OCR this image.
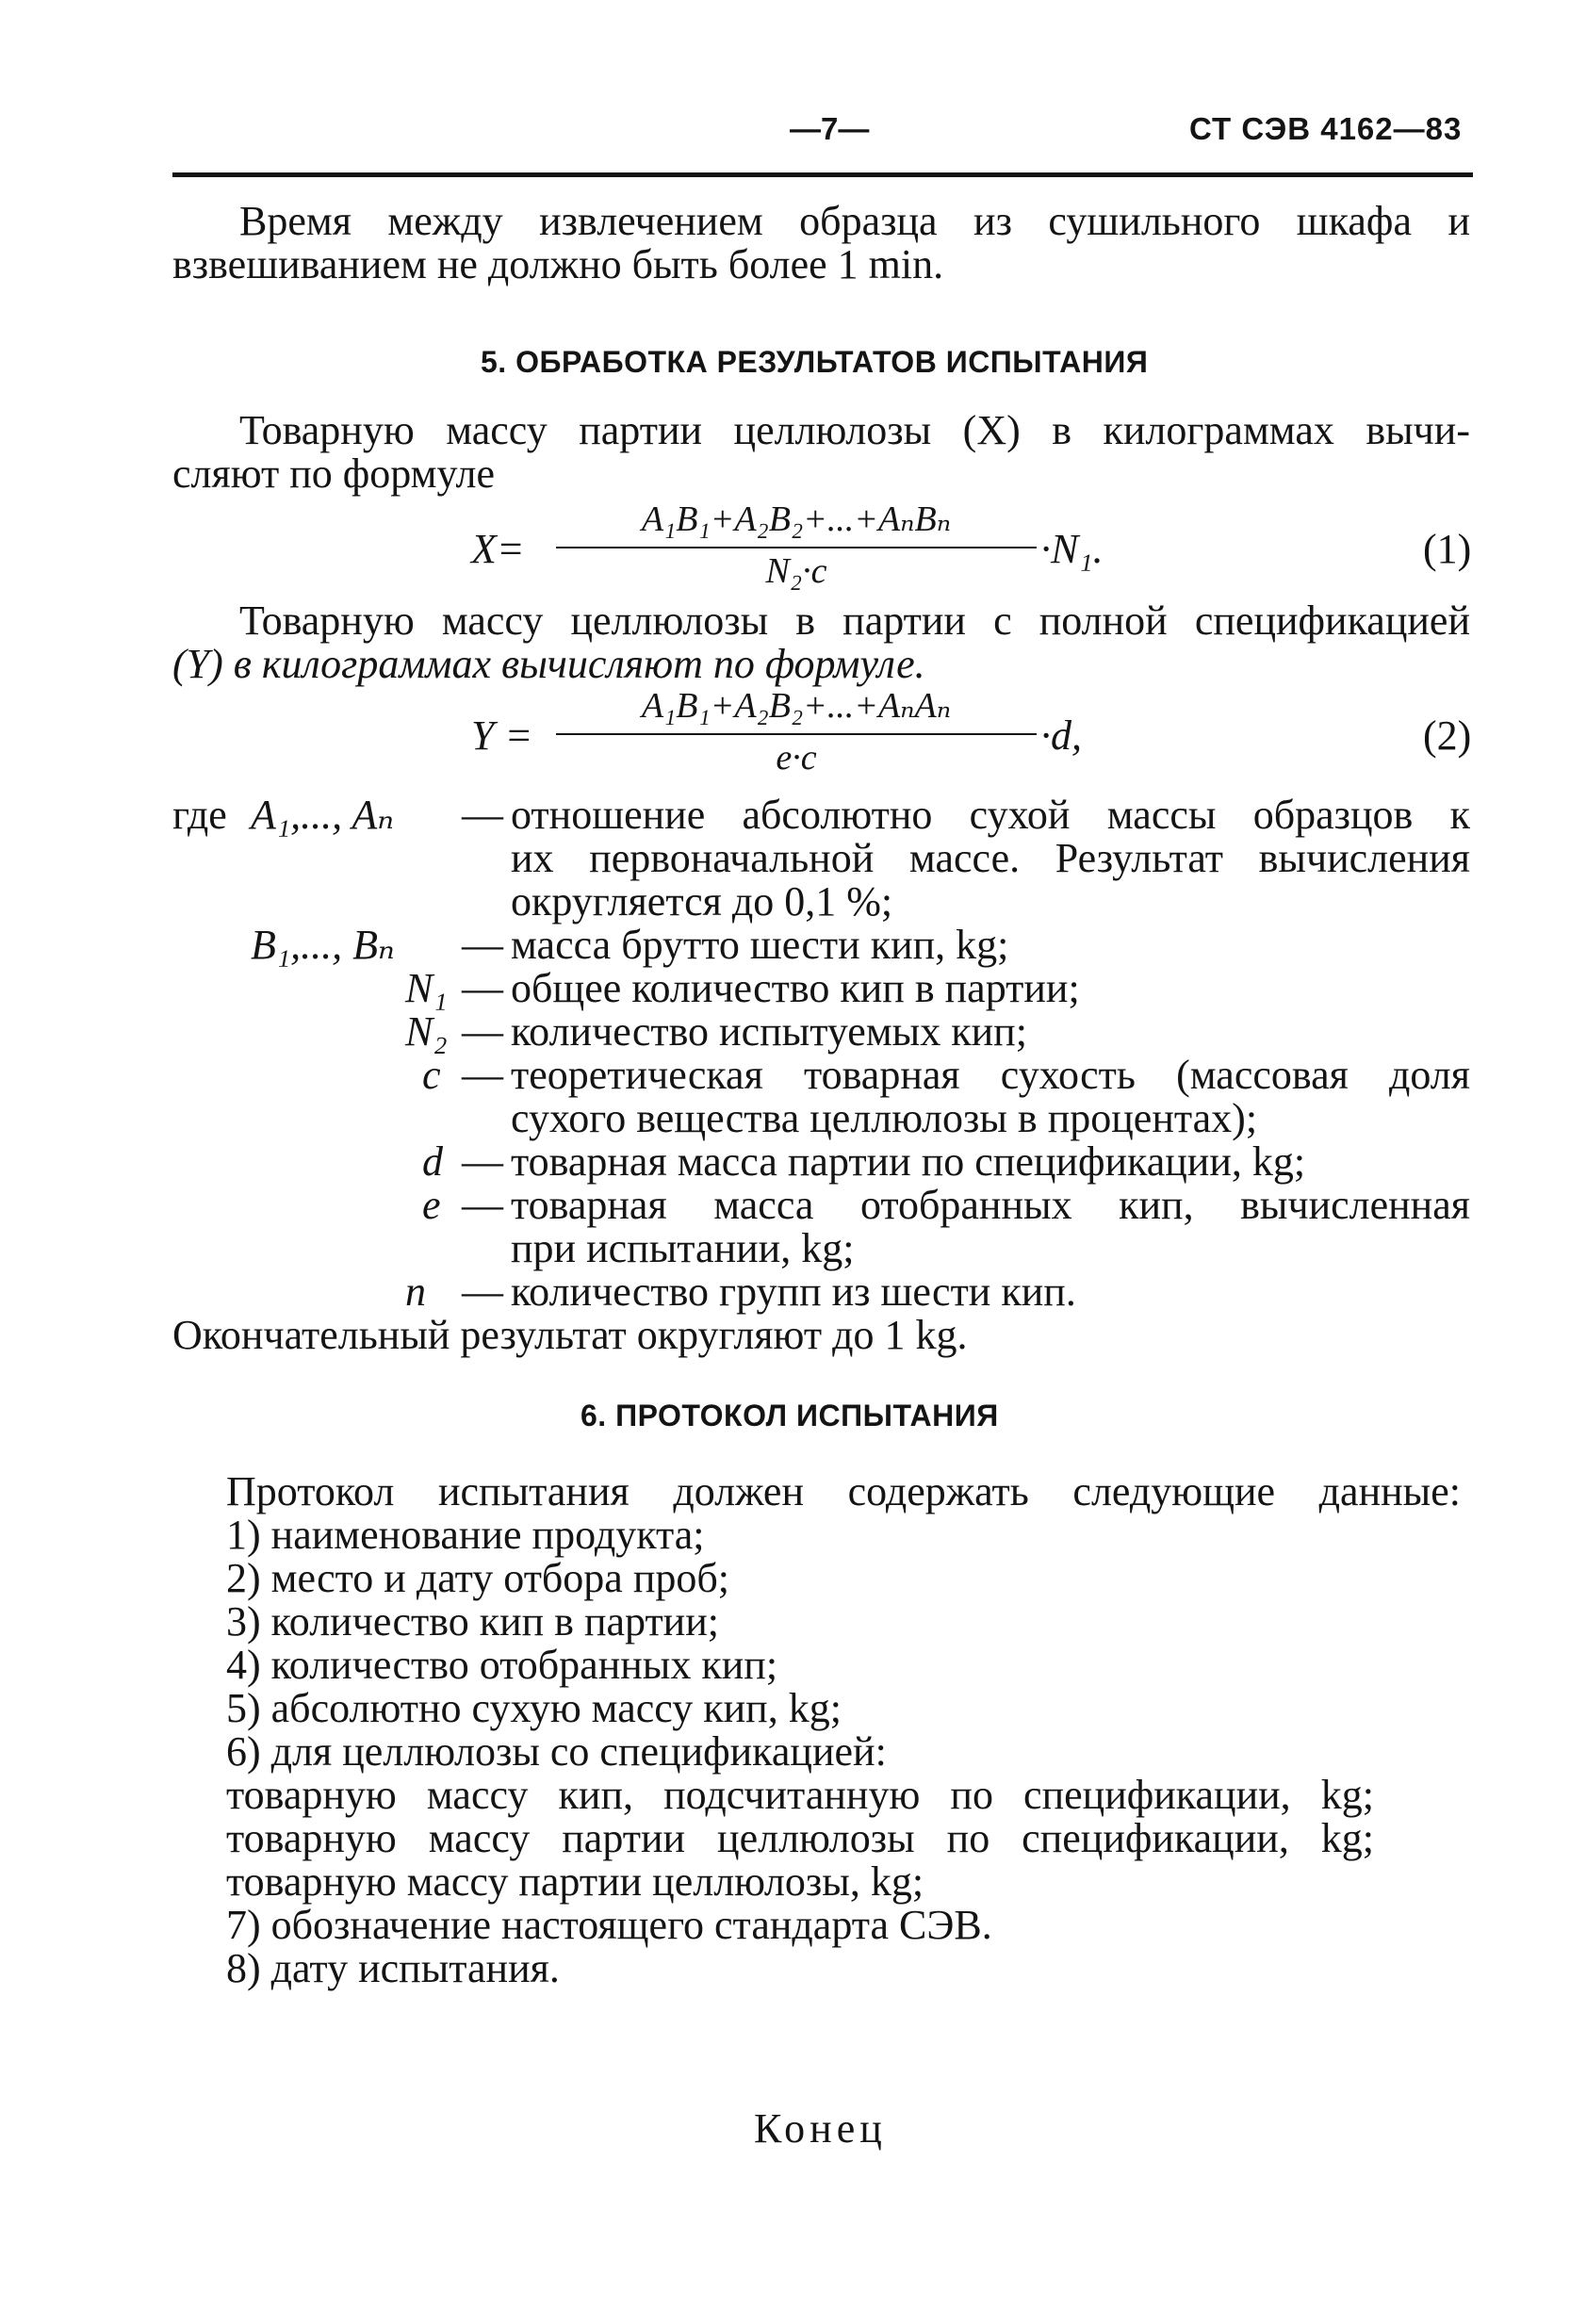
—7—	СТ СЭВ 4162—83
Время между извлечением образца из сушильного шкафа и
взвешиванием не должно быть более 1 min.
5. ОБРАБОТКА РЕЗУЛЬТАТОВ ИСПЫТАНИЯ
Товарную массу партии целлюлозы (X) в килограммах вычи-
сляют по формуле
X=
A₁B₁+A₂B₂+...+AₙBₙ
N₂·c	·N₁.	(1)
Товарную массу целлюлозы в партии с полной спецификацией
(Y) в килограммах вычисляют по формуле.
Y =
A₁B₁+A₂B₂+...+AₙAₙ
e·c	·d,	(2)
где A₁,..., Aₙ — отношение абсолютно сухой массы образцов к
их первоначальной массе. Результат вычисления
округляется до 0,1 %;
B₁,..., Bₙ — масса брутто шести кип, kg;
N₁ — общее количество кип в партии;
N₂ — количество испытуемых кип;
c — теоретическая товарная сухость (массовая доля
сухого вещества целлюлозы в процентах);
d — товарная масса партии по спецификации, kg;
e — товарная масса отобранных кип, вычисленная
при испытании, kg;
n — количество групп из шести кип.
Окончательный результат округляют до 1 kg.
6. ПРОТОКОЛ ИСПЫТАНИЯ
Протокол испытания должен содержать следующие данные:
1) наименование продукта;
2) место и дату отбора проб;
3) количество кип в партии;
4) количество отобранных кип;
5) абсолютно сухую массу кип, kg;
6) для целлюлозы со спецификацией:
товарную массу кип, подсчитанную по спецификации, kg;
товарную массу партии целлюлозы по спецификации, kg;
товарную массу партии целлюлозы, kg;
7) обозначение настоящего стандарта СЭВ.
8) дату испытания.
Конец
